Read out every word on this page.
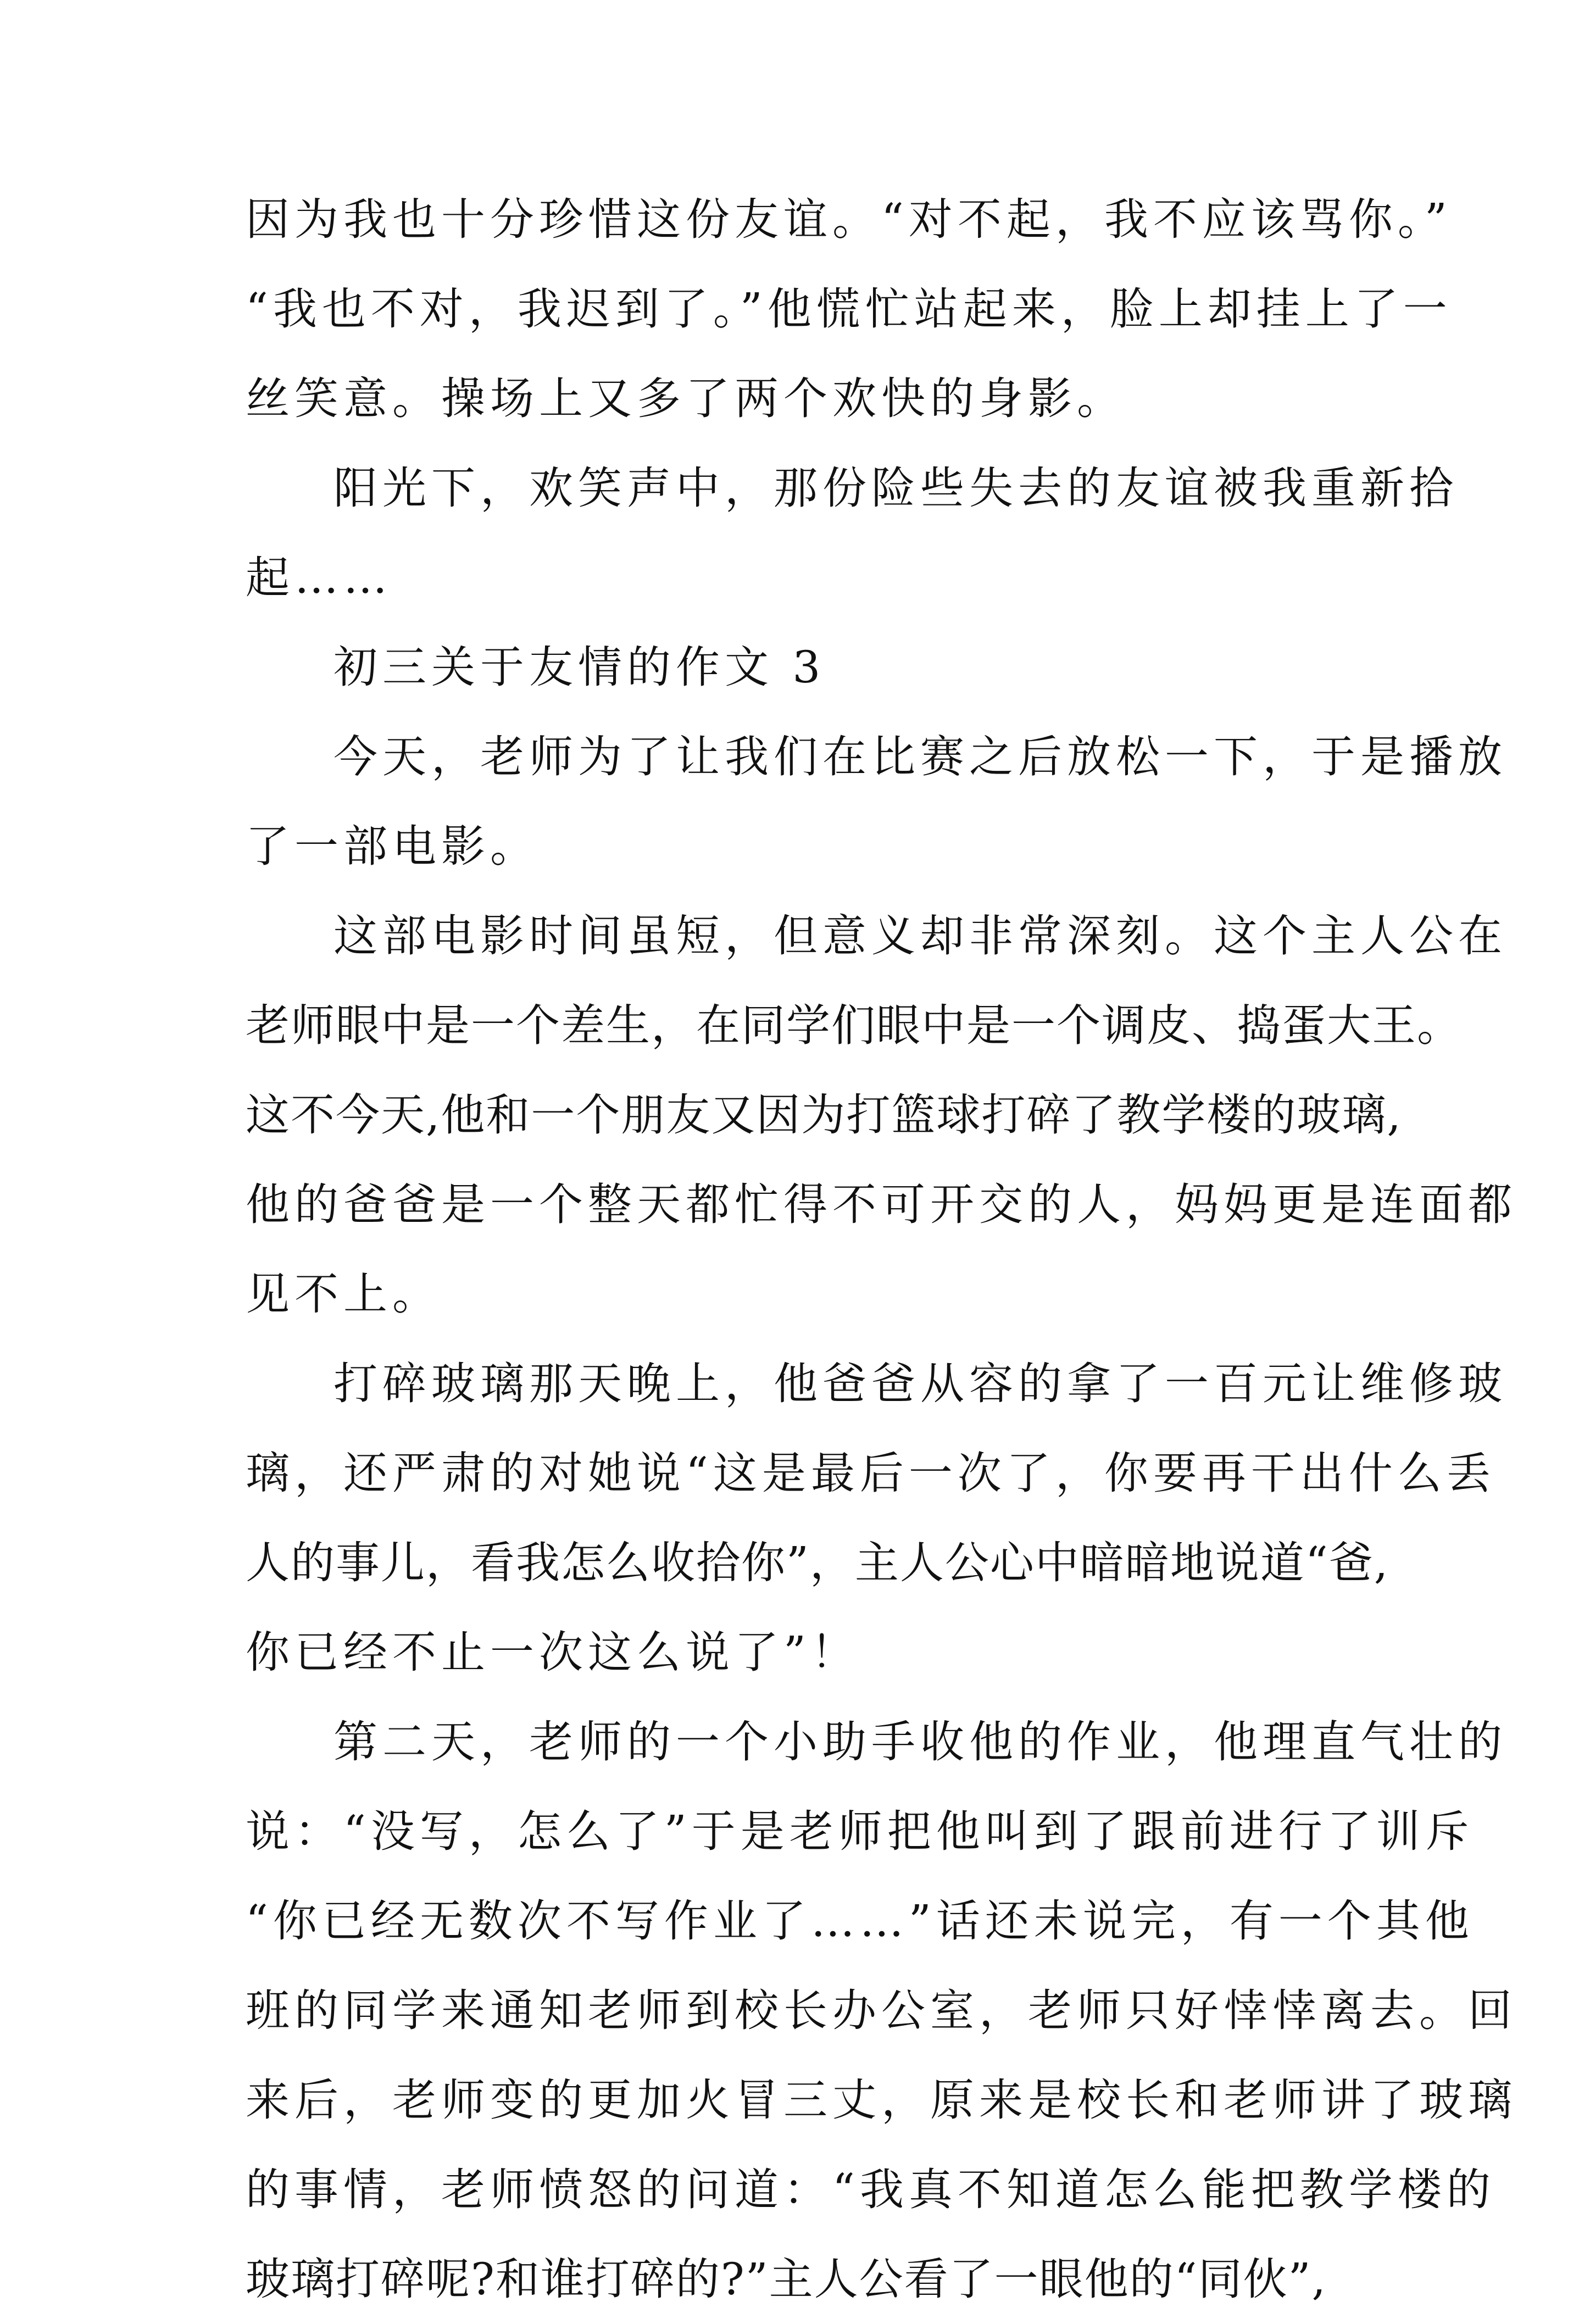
因为我也十分珍惜这份友谊。“对不起，我不应该骂你。”
“我也不对，我迟到了。”他慌忙站起来，脸上却挂上了一
丝笑意。操场上又多了两个欢快的身影。
阳光下，欢笑声中，那份险些失去的友谊被我重新拾
起……
初三关于友情的作文 3
今天，老师为了让我们在比赛之后放松一下，于是播放
了一部电影。
这部电影时间虽短，但意义却非常深刻。这个主人公在
老师眼中是一个差生，在同学们眼中是一个调皮、捣蛋大王。
这不今天,他和一个朋友又因为打篮球打碎了教学楼的玻璃,
他的爸爸是一个整天都忙得不可开交的人，妈妈更是连面都
见不上。
打碎玻璃那天晚上，他爸爸从容的拿了一百元让维修玻
璃，还严肃的对她说“这是最后一次了，你要再干出什么丢
人的事儿，看我怎么收拾你”，主人公心中暗暗地说道“爸,
你已经不止一次这么说了”！
第二天，老师的一个小助手收他的作业，他理直气壮的
说：“没写，怎么了”于是老师把他叫到了跟前进行了训斥
“你已经无数次不写作业了……”话还未说完，有一个其他
班的同学来通知老师到校长办公室，老师只好悻悻离去。回
来后，老师变的更加火冒三丈，原来是校长和老师讲了玻璃
的事情，老师愤怒的问道：“我真不知道怎么能把教学楼的
玻璃打碎呢?和谁打碎的?”主人公看了一眼他的“同伙”,
